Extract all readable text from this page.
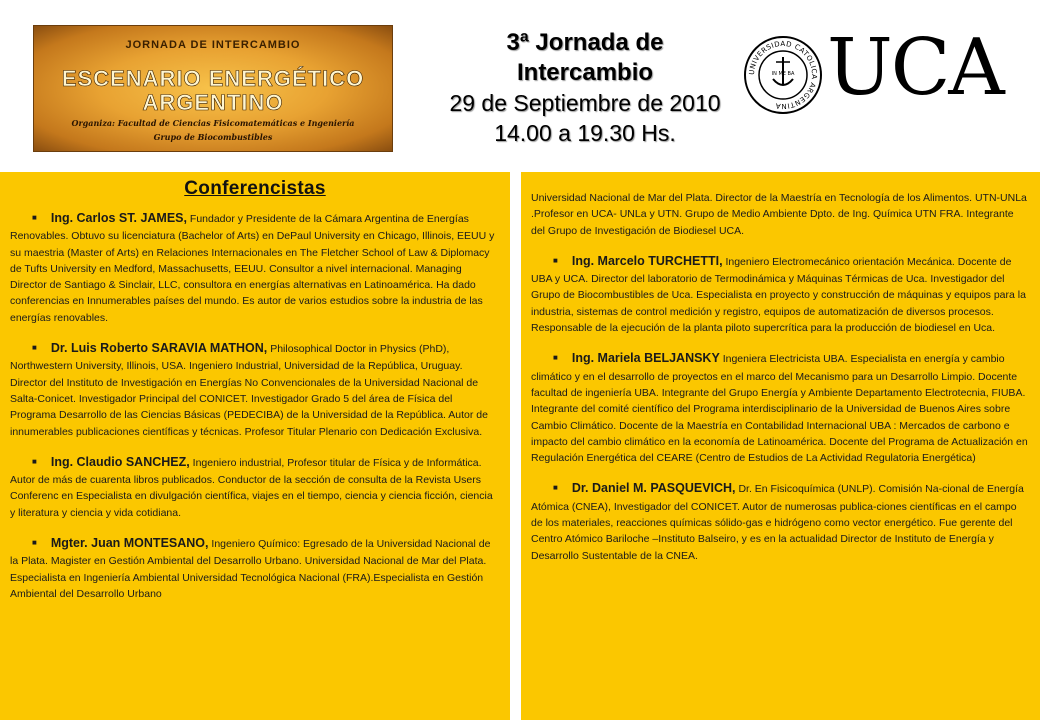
JORNADA DE INTERCAMBIO
ESCENARIO ENERGÉTICO
ARGENTINO
Organiza: Facultad de Ciencias Fisicomatemáticas e Ingeniería
Grupo de Biocombustibles
3ª Jornada de
Intercambio
29 de Septiembre de 2010
14.00 a 19.30 Hs.
UNIVERSIDAD CATOLICA ARGENTINA
IN ME BA UCA
Conferencistas

■ Ing. Carlos ST. JAMES, Fundador y Presidente de la Cámara Argentina de Energías Renovables. Obtuvo su licenciatura (Bachelor of Arts) en DePaul University en Chicago, Illinois, EEUU y su maestria (Master of Arts) en Relaciones Internacionales en The Fletcher School of Law & Diplomacy de Tufts University en Medford, Massachusetts, EEUU. Consultor a nivel internacional. Managing Director de Santiago & Sinclair, LLC, consultora en energías alternativas en Latinoamérica. Ha dado conferencias en Innumerables países del mundo. Es autor de varios estudios sobre la industria de las energías renovables.

■ Dr. Luis Roberto SARAVIA MATHON, Philosophical Doctor in Physics (PhD), Northwestern University, Illinois, USA. Ingeniero Industrial, Universidad de la República, Uruguay. Director del Instituto de Investigación en Energías No Convencionales de la Universidad Nacional de Salta-Conicet. Investigador Principal del CONICET. Investigador Grado 5 del área de Física del Programa Desarrollo de las Ciencias Básicas (PEDECIBA) de la Universidad de la República. Autor de innumerables publicaciones científicas y técnicas. Profesor Titular Plenario con Dedicación Exclusiva.

■ Ing. Claudio SANCHEZ, Ingeniero industrial, Profesor titular de Física y de Informática. Autor de más de cuarenta libros publicados. Conductor de la sección de consulta de la Revista Users Conferenc en Especialista en divulgación científica, viajes en el tiempo, ciencia y ciencia ficción, ciencia y literatura y ciencia y vida cotidiana.

■ Mgter. Juan MONTESANO, Ingeniero Químico: Egresado de la Universidad Nacional de la Plata. Magister en Gestión Ambiental del Desarrollo Urbano. Universidad Nacional de Mar del Plata. Especialista en Ingeniería Ambiental Universidad Tecnológica Nacional (FRA).Especialista en Gestión Ambiental del Desarrollo Urbano

Universidad Nacional de Mar del Plata. Director de la Maestría en Tecnología de los Alimentos. UTN-UNLa .Profesor en UCA- UNLa y UTN. Grupo de Medio Ambiente Dpto. de Ing. Química UTN FRA. Integrante del Grupo de Investigación de Biodiesel UCA.

■ Ing. Marcelo TURCHETTI, Ingeniero Electromecánico orientación Mecánica. Docente de UBA y UCA. Director del laboratorio de Termodinámica y Máquinas Térmicas de Uca. Investigador del Grupo de Biocombustibles de Uca. Especialista en proyecto y construcción de máquinas y equipos para la industria, sistemas de control medición y registro, equipos de automatización de diversos procesos. Responsable de la ejecución de la planta piloto supercrítica para la producción de biodiesel en Uca.

■ Ing. Mariela BELJANSKY Ingeniera Electricista UBA. Especialista en energía y cambio climático y en el desarrollo de proyectos en el marco del Mecanismo para un Desarrollo Limpio. Docente facultad de ingeniería UBA. Integrante del Grupo Energía y Ambiente Departamento Electrotecnia, FIUBA. Integrante del comité científico del Programa interdisciplinario de la Universidad de Buenos Aires sobre Cambio Climático. Docente de la Maestría en Contabilidad Internacional UBA : Mercados de carbono e impacto del cambio climático en la economía de Latinoamérica. Docente del Programa de Actualización en Regulación Energética del CEARE (Centro de Estudios de La Actividad Regulatoria Energética)

■ Dr. Daniel M. PASQUEVICH, Dr. En Fisicoquímica (UNLP). Comisión Na-cional de Energía Atómica (CNEA), Investigador del CONICET. Autor de numerosas publica-ciones científicas en el campo de los materiales, reacciones químicas sólido-gas e hidrógeno como vector energético. Fue gerente del Centro Atómico Bariloche –Instituto Balseiro, y es en la actualidad Director de Instituto de Energía y Desarrollo Sustentable de la CNEA.
